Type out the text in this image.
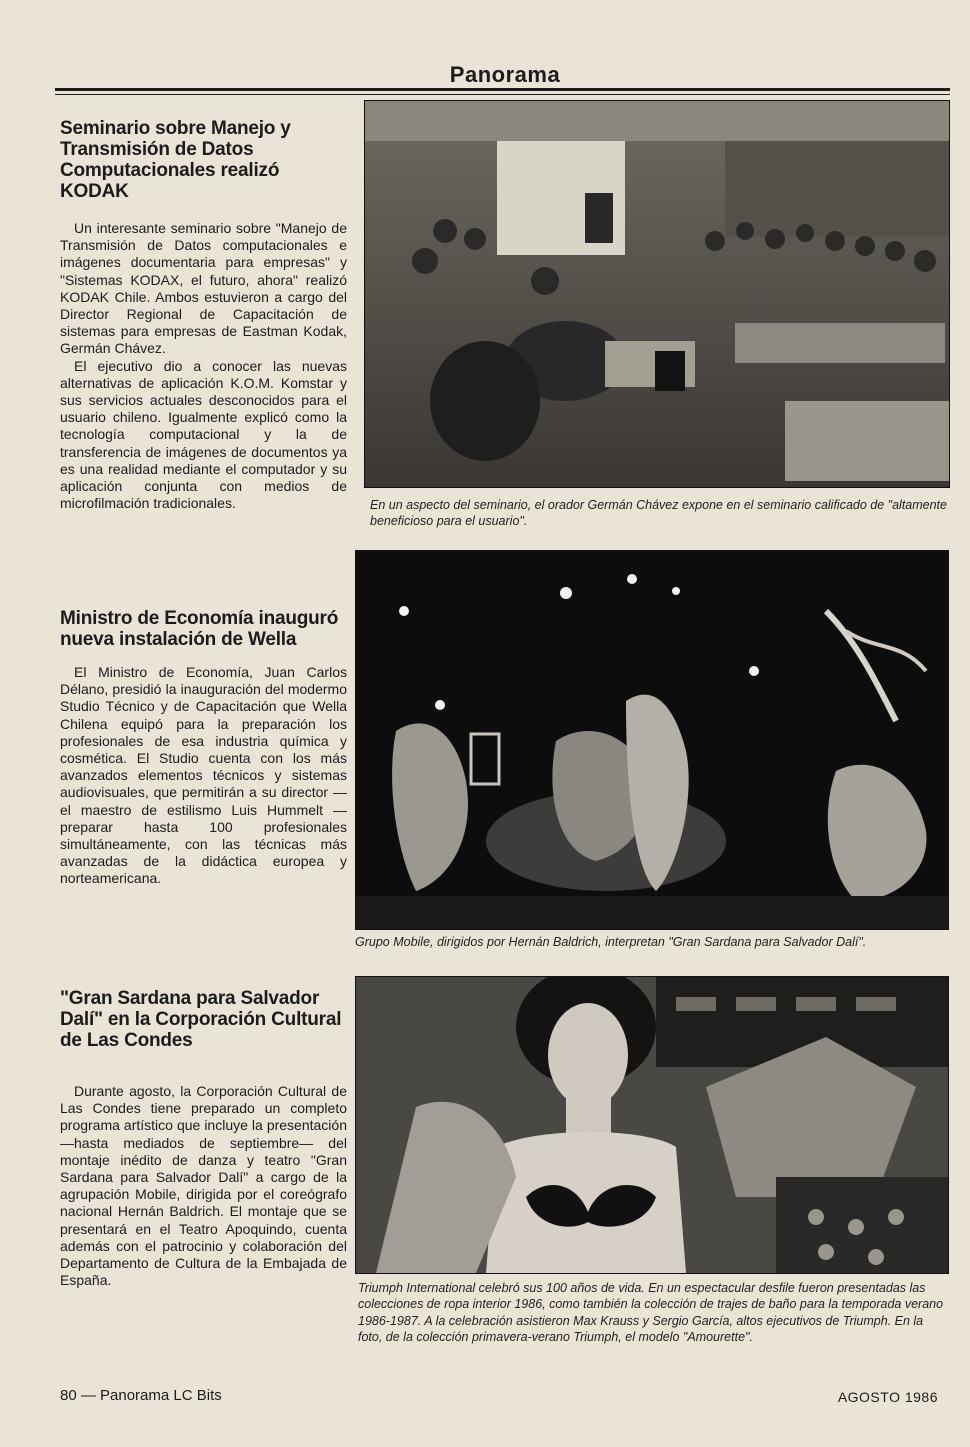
Panorama
Seminario sobre Manejo y Transmisión de Datos Computacionales realizó KODAK

Un interesante seminario sobre "Manejo de Transmisión de Datos computacionales e imágenes documentaria para empresas" y "Sistemas KODAX, el futuro, ahora" realizó KODAK Chile. Ambos estuvieron a cargo del Director Regional de Capacitación de sistemas para empresas de Eastman Kodak, Germán Chávez.

El ejecutivo dio a conocer las nuevas alternativas de aplicación K.O.M. Komstar y sus servicios actuales desconocidos para el usuario chileno. Igualmente explicó como la tecnología computacional y la de transferencia de imágenes de documentos ya es una realidad mediante el computador y su aplicación conjunta con medios de microfilmación tradicionales.

Ministro de Economía inauguró nueva instalación de Wella

El Ministro de Economía, Juan Carlos Délano, presidió la inauguración del modermo Studio Técnico y de Capacitación que Wella Chilena equipó para la preparación los profesionales de esa industria química y cosmética. El Studio cuenta con los más avanzados elementos técnicos y sistemas audiovisuales, que permitirán a su director —el maestro de estilismo Luis Hummelt —preparar hasta 100 profesionales simultáneamente, con las técnicas más avanzadas de la didáctica europea y norteamericana.

"Gran Sardana para Salvador Dalí" en la Corporación Cultural de Las Condes

Durante agosto, la Corporación Cultural de Las Condes tiene preparado un completo programa artístico que incluye la presentación —hasta mediados de septiembre— del montaje inédito de danza y teatro "Gran Sardana para Salvador Dalí" a cargo de la agrupación Mobile, dirigida por el coreógrafo nacional Hernán Baldrich. El montaje que se presentará en el Teatro Apoquindo, cuenta además con el patrocinio y colaboración del Departamento de Cultura de la Embajada de España.

En un aspecto del seminario, el orador Germán Chávez expone en el seminario calificado de "altamente beneficioso para el usuario".
Grupo Mobile, dirigidos por Hernán Baldrich, interpretan "Gran Sardana para Salvador Dalí".
Triumph International celebró sus 100 años de vida. En un espectacular desfile fueron presentadas las colecciones de ropa interior 1986, como también la colección de trajes de baño para la temporada verano 1986-1987. A la celebración asistieron Max Krauss y Sergio García, altos ejecutivos de Triumph. En la foto, de la colección primavera-verano Triumph, el modelo "Amourette".
80 — Panorama LC Bits	AGOSTO 1986
